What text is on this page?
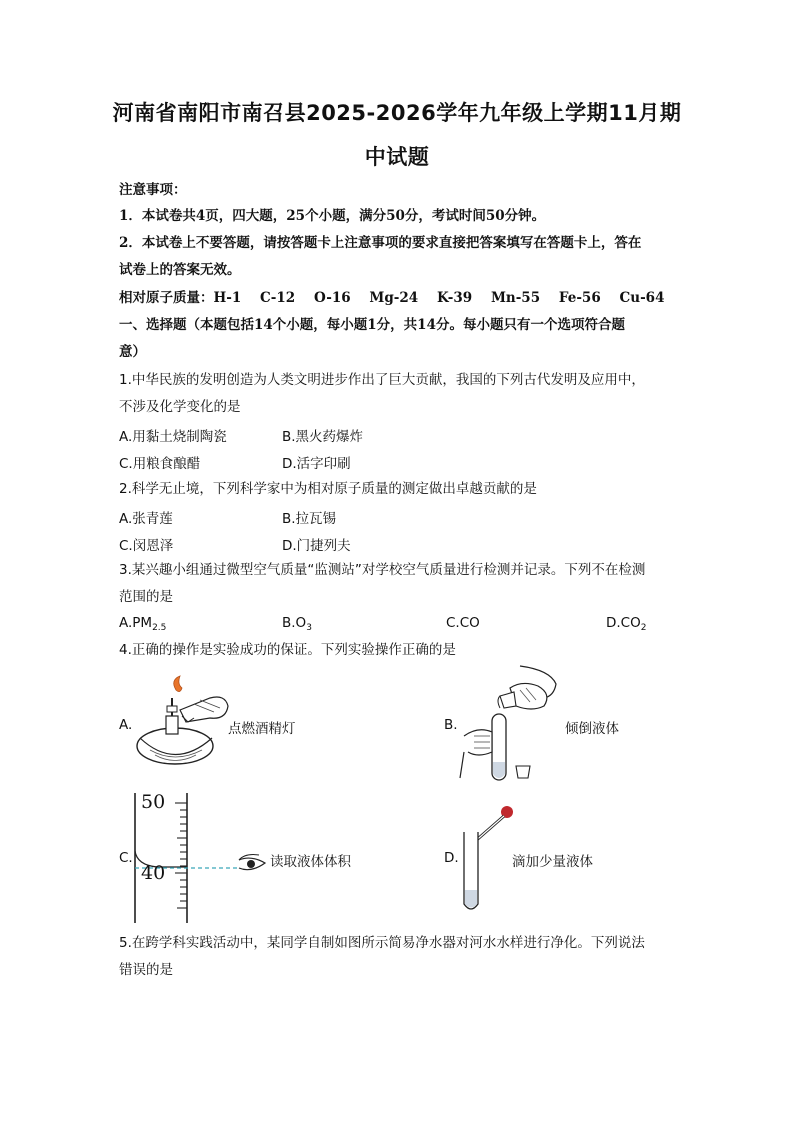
河南省南阳市南召县2025-2026学年九年级上学期11月期
中试题
注意事项：
1．本试卷共4页，四大题，25个小题，满分50分，考试时间50分钟。
2．本试卷上不要答题，请按答题卡上注意事项的要求直接把答案填写在答题卡上，答在
试卷上的答案无效。
相对原子质量：H-1    C-12    O-16    Mg-24    K-39    Mn-55    Fe-56    Cu-64
一、选择题（本题包括14个小题，每小题1分，共14分。每小题只有一个选项符合题
意）
1.中华民族的发明创造为人类文明进步作出了巨大贡献，我国的下列古代发明及应用中，
不涉及化学变化的是
A.用黏土烧制陶瓷	B.黑火药爆炸
C.用粮食酿醋	D.活字印刷
2.科学无止境，下列科学家中为相对原子质量的测定做出卓越贡献的是
A.张青莲	B.拉瓦锡
C.闵恩泽	D.门捷列夫
3.某兴趣小组通过微型空气质量“监测站”对学校空气质量进行检测并记录。下列不在检测
范围的是
$A.PM_{2.5}$	$B.O_3$	C.CO	$D.CO_2$
4.正确的操作是实验成功的保证。下列实验操作正确的是
A.	点燃酒精灯	B.	倾倒液体
C.
50
40	读取液体体积	D.	滴加少量液体
5.在跨学科实践活动中，某同学自制如图所示简易净水器对河水水样进行净化。下列说法
错误的是
